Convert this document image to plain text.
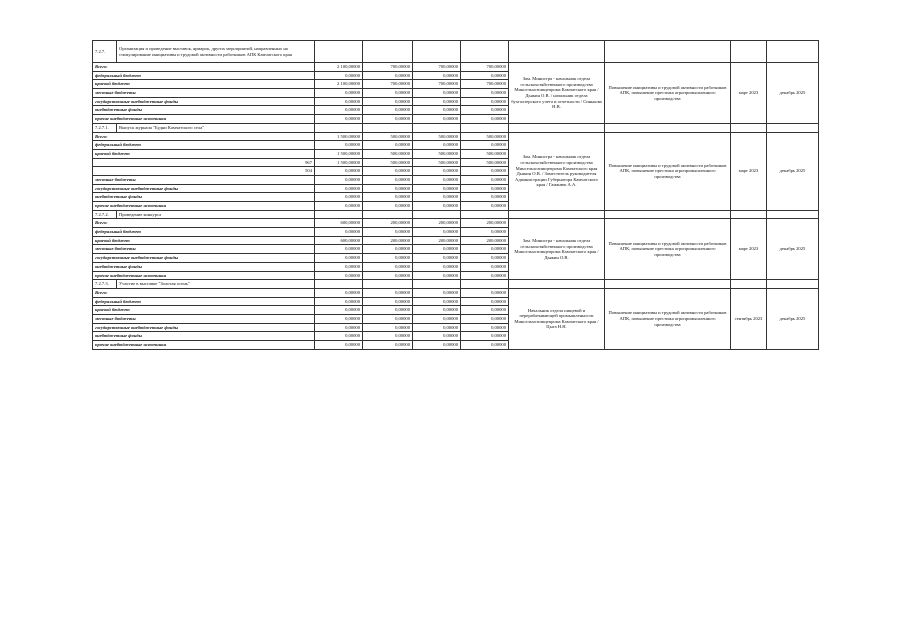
7.2.7.	Организация и проведение выставок, ярмарок, других мероприятий, направленных на стимулирование инициативы и трудовой активности работников АПК Камчатского края								
Всего:		2 100,00000	700,00000	700,00000	700,00000	Зам. Министра - начальник отдела сельскохозяйственного производства Минсельхозпищепрома Камчатского края / Дьякин О.В. / начальник отдела бухгалтерского учета и отчетности / Синькова Н.В.	Повышение инициативы и трудовой активности работников АПК, повышение престижа агропромышленного производства	март 2023	декабрь 2025
федеральный бюджет		0,00000	0,00000	0,00000	0,00000				
краевой бюджет		2 100,00000	700,00000	700,00000	700,00000				
местные бюджеты		0,00000	0,00000	0,00000	0,00000				
государственные внебюджетные фонды		0,00000	0,00000	0,00000	0,00000				
внебюджетные фонды		0,00000	0,00000	0,00000	0,00000				
прочие внебюджетные источники		0,00000	0,00000	0,00000	0,00000				
7.2.7.1.	Выпуск журнала "Будни Камчатского села"								
Всего:		1 500,00000	500,00000	500,00000	500,00000	Зам. Министра - начальник отдела сельскохозяйственного производства Минсельхозпищепрома Камчатского края Дьякин О.В. / Заместитель руководителя Администрации Губернатора Камчатского края / Гаманюк А.А.	Повышение инициативы и трудовой активности работников АПК, повышение престижа агропромышленного производства	март 2023	декабрь 2025
федеральный бюджет		0,00000	0,00000	0,00000	0,00000				
краевой бюджет		1 500,00000	500,00000	500,00000	500,00000				
967		1 500,00000	500,00000	500,00000	500,00000				
504		0,00000	0,00000	0,00000	0,00000				
местные бюджеты		0,00000	0,00000	0,00000	0,00000				
государственные внебюджетные фонды		0,00000	0,00000	0,00000	0,00000				
внебюджетные фонды		0,00000	0,00000	0,00000	0,00000				
прочие внебюджетные источники		0,00000	0,00000	0,00000	0,00000				
7.2.7.2.	Проведение конкурса								
Всего:		600,00000	200,00000	200,00000	200,00000	Зам. Министра - начальник отдела сельскохозяйственного производства Минсельхозпищепрома Камчатского края / Дьякин О.В.	Повышение инициативы и трудовой активности работников АПК, повышение престижа агропромышленного производства	март 2023	декабрь 2025
федеральный бюджет		0,00000	0,00000	0,00000	0,00000				
краевой бюджет		600,00000	200,00000	200,00000	200,00000				
местные бюджеты		0,00000	0,00000	0,00000	0,00000				
государственные внебюджетные фонды		0,00000	0,00000	0,00000	0,00000				
внебюджетные фонды		0,00000	0,00000	0,00000	0,00000				
прочие внебюджетные источники		0,00000	0,00000	0,00000	0,00000				
7.2.7.3.	Участие в выставке "Золотая осень"								
Всего:		0,00000	0,00000	0,00000	0,00000	Начальник отдела пищевой и перерабатывающей промышленности Минсельхозпищепрома Камчатского края / Цыга Н.Н.	Повышение инициативы и трудовой активности работников АПК, повышение престижа агропромышленного производства	сентябрь 2023	декабрь 2025
федеральный бюджет		0,00000	0,00000	0,00000	0,00000				
краевой бюджет		0,00000	0,00000	0,00000	0,00000				
местные бюджеты		0,00000	0,00000	0,00000	0,00000				
государственные внебюджетные фонды		0,00000	0,00000	0,00000	0,00000				
внебюджетные фонды		0,00000	0,00000	0,00000	0,00000				
прочие внебюджетные источники		0,00000	0,00000	0,00000	0,00000				
